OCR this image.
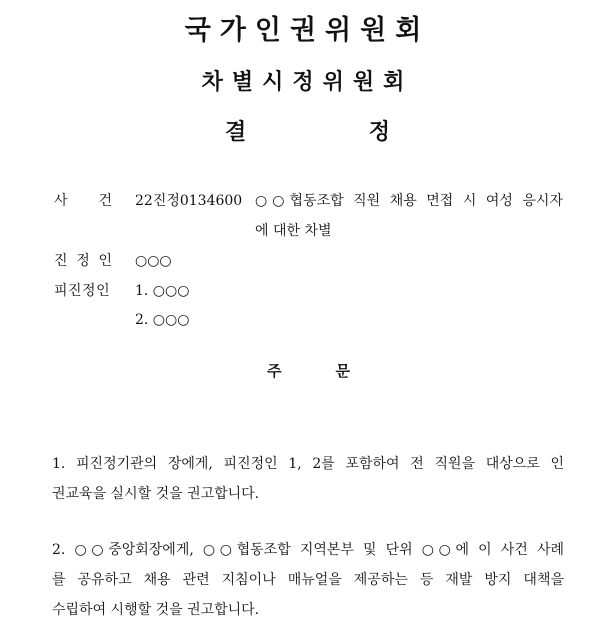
국가인권위원회
차별시정위원회
결	정
사 건 22진정0134600 ○○협동조합 직원 채용 면접 시 여성 응시자
에 대한 차별
진 정 인 ○○○
피진정인 1. ○○○
2. ○○○
주	문
1. 피진정기관의 장에게, 피진정인 1, 2를 포함하여 전 직원을 대상으로 인
권교육을 실시할 것을 권고합니다.
2. ○○중앙회장에게, ○○협동조합 지역본부 및 단위 ○○에 이 사건 사례
를 공유하고 채용 관련 지침이나 매뉴얼을 제공하는 등 재발 방지 대책을
수립하여 시행할 것을 권고합니다.
